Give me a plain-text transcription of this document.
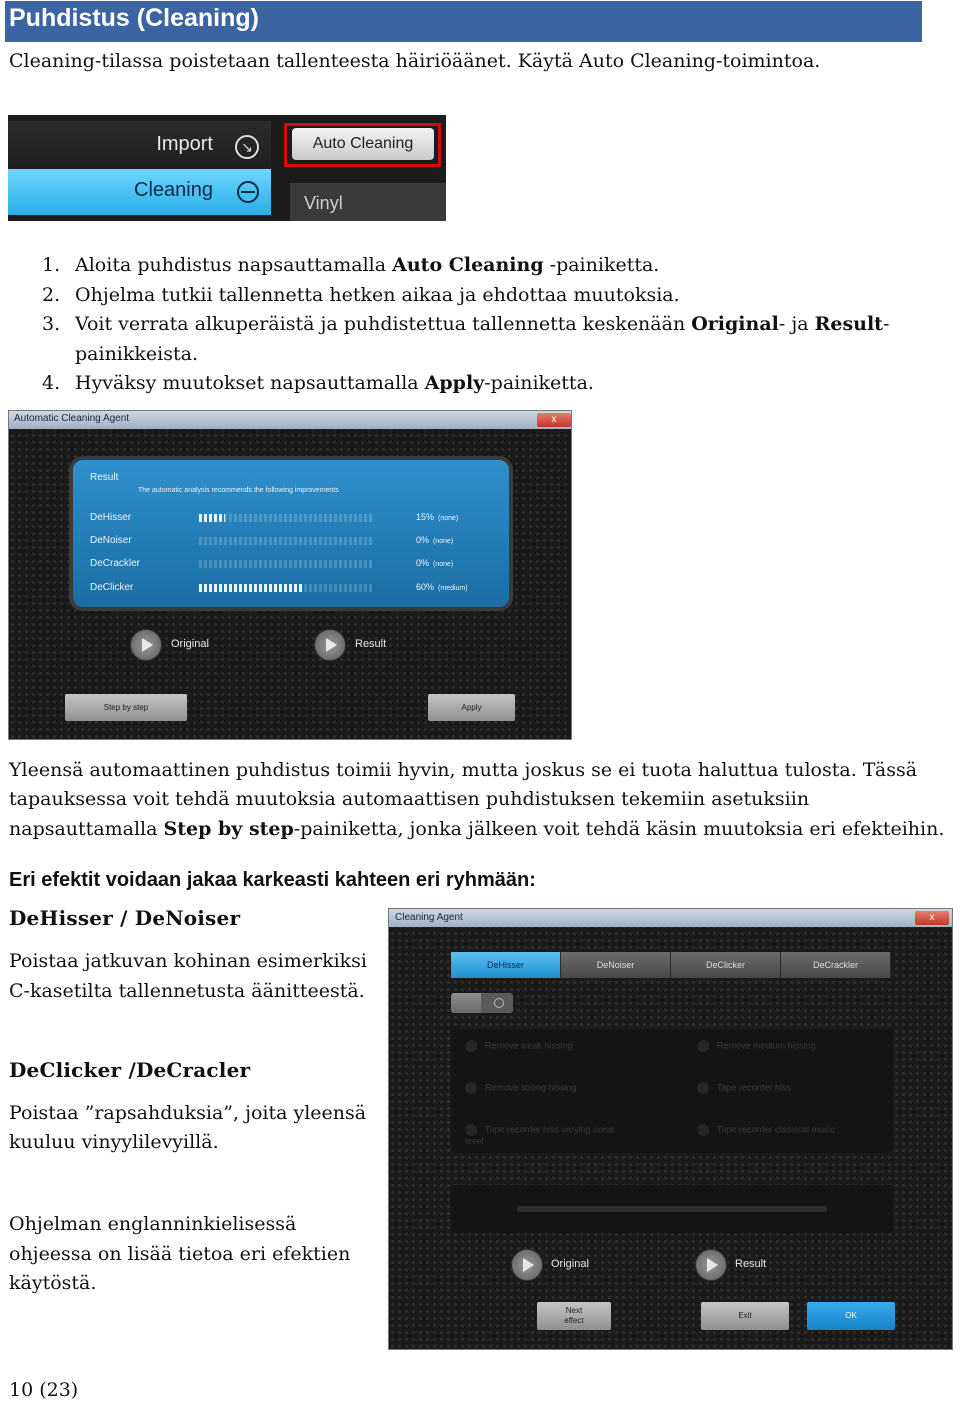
Puhdistus (Cleaning)
Cleaning-tilassa poistetaan tallenteesta häiriöäänet. Käytä Auto Cleaning-toimintoa.
Import	↘
Cleaning
Auto Cleaning
Vinyl
1. Aloita puhdistus napsauttamalla Auto Cleaning -painiketta.
2. Ohjelma tutkii tallennetta hetken aikaa ja ehdottaa muutoksia.
3. Voit verrata alkuperäistä ja puhdistettua tallennetta keskenään Original- ja Result-
painikkeista.
4. Hyväksy muutokset napsauttamalla Apply-painiketta.
Automatic Cleaning Agent	x
Result
The automatic analysis recommends the following improvements
DeHisser	15% (none)
DeNoiser	0% (none)
DeCrackler	0% (none)
DeClicker	60% (medium)
Original	Result
Step by step	Apply
Yleensä automaattinen puhdistus toimii hyvin, mutta joskus se ei tuota haluttua tulosta. Tässä
tapauksessa voit tehdä muutoksia automaattisen puhdistuksen tekemiin asetuksiin
napsauttamalla Step by step-painiketta, jonka jälkeen voit tehdä käsin muutoksia eri efekteihin.
Eri efektit voidaan jakaa karkeasti kahteen eri ryhmään:
DeHisser / DeNoiser
Poistaa jatkuvan kohinan esimerkiksi
C-kasetilta tallennetusta äänitteestä.
DeClicker /DeCracler
Poistaa ”rapsahduksia”, joita yleensä
kuuluu vinyylilevyillä.
Ohjelman englanninkielisessä
ohjeessa on lisää tietoa eri efektien
käytöstä.
Cleaning Agent	x
DeHisser	DeNoiser	DeClicker	DeCrackler
Remove weak hissing	Remove medium hissing
Remove strong hissing	Tape recorder hiss
Tape recorder hiss varying noise level
Tape recorder classical music
Original	Result
Next
effect
Exit	OK
10 (23)
